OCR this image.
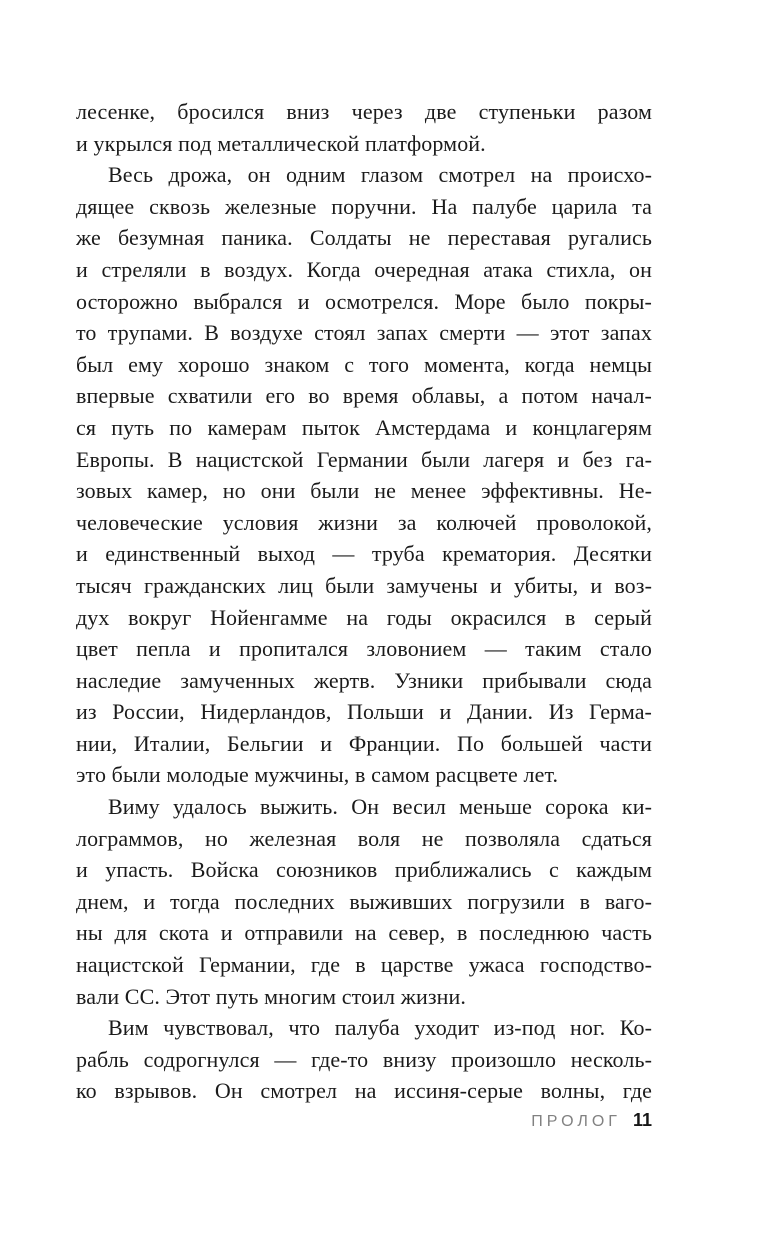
лесенке, бросился вниз через две ступеньки разом
и укрылся под металлической платформой.
Весь дрожа, он одним глазом смотрел на происхо-
дящее сквозь железные поручни. На палубе царила та
же безумная паника. Солдаты не переставая ругались
и стреляли в воздух. Когда очередная атака стихла, он
осторожно выбрался и осмотрелся. Море было покры-
то трупами. В воздухе стоял запах смерти — этот запах
был ему хорошо знаком с того момента, когда немцы
впервые схватили его во время облавы, а потом начал-
ся путь по камерам пыток Амстердама и концлагерям
Европы. В нацистской Германии были лагеря и без га-
зовых камер, но они были не менее эффективны. Не-
человеческие условия жизни за колючей проволокой,
и единственный выход — труба крематория. Десятки
тысяч гражданских лиц были замучены и убиты, и воз-
дух вокруг Нойенгамме на годы окрасился в серый
цвет пепла и пропитался зловонием — таким стало
наследие замученных жертв. Узники прибывали сюда
из России, Нидерландов, Польши и Дании. Из Герма-
нии, Италии, Бельгии и Франции. По большей части
это были молодые мужчины, в самом расцвете лет.
Виму удалось выжить. Он весил меньше сорока ки-
лограммов, но железная воля не позволяла сдаться
и упасть. Войска союзников приближались с каждым
днем, и тогда последних выживших погрузили в ваго-
ны для скота и отправили на север, в последнюю часть
нацистской Германии, где в царстве ужаса господство-
вали СС. Этот путь многим стоил жизни.
Вим чувствовал, что палуба уходит из-под ног. Ко-
рабль содрогнулся — где-то внизу произошло несколь-
ко взрывов. Он смотрел на иссиня-серые волны, где
ПРОЛОГ 11
